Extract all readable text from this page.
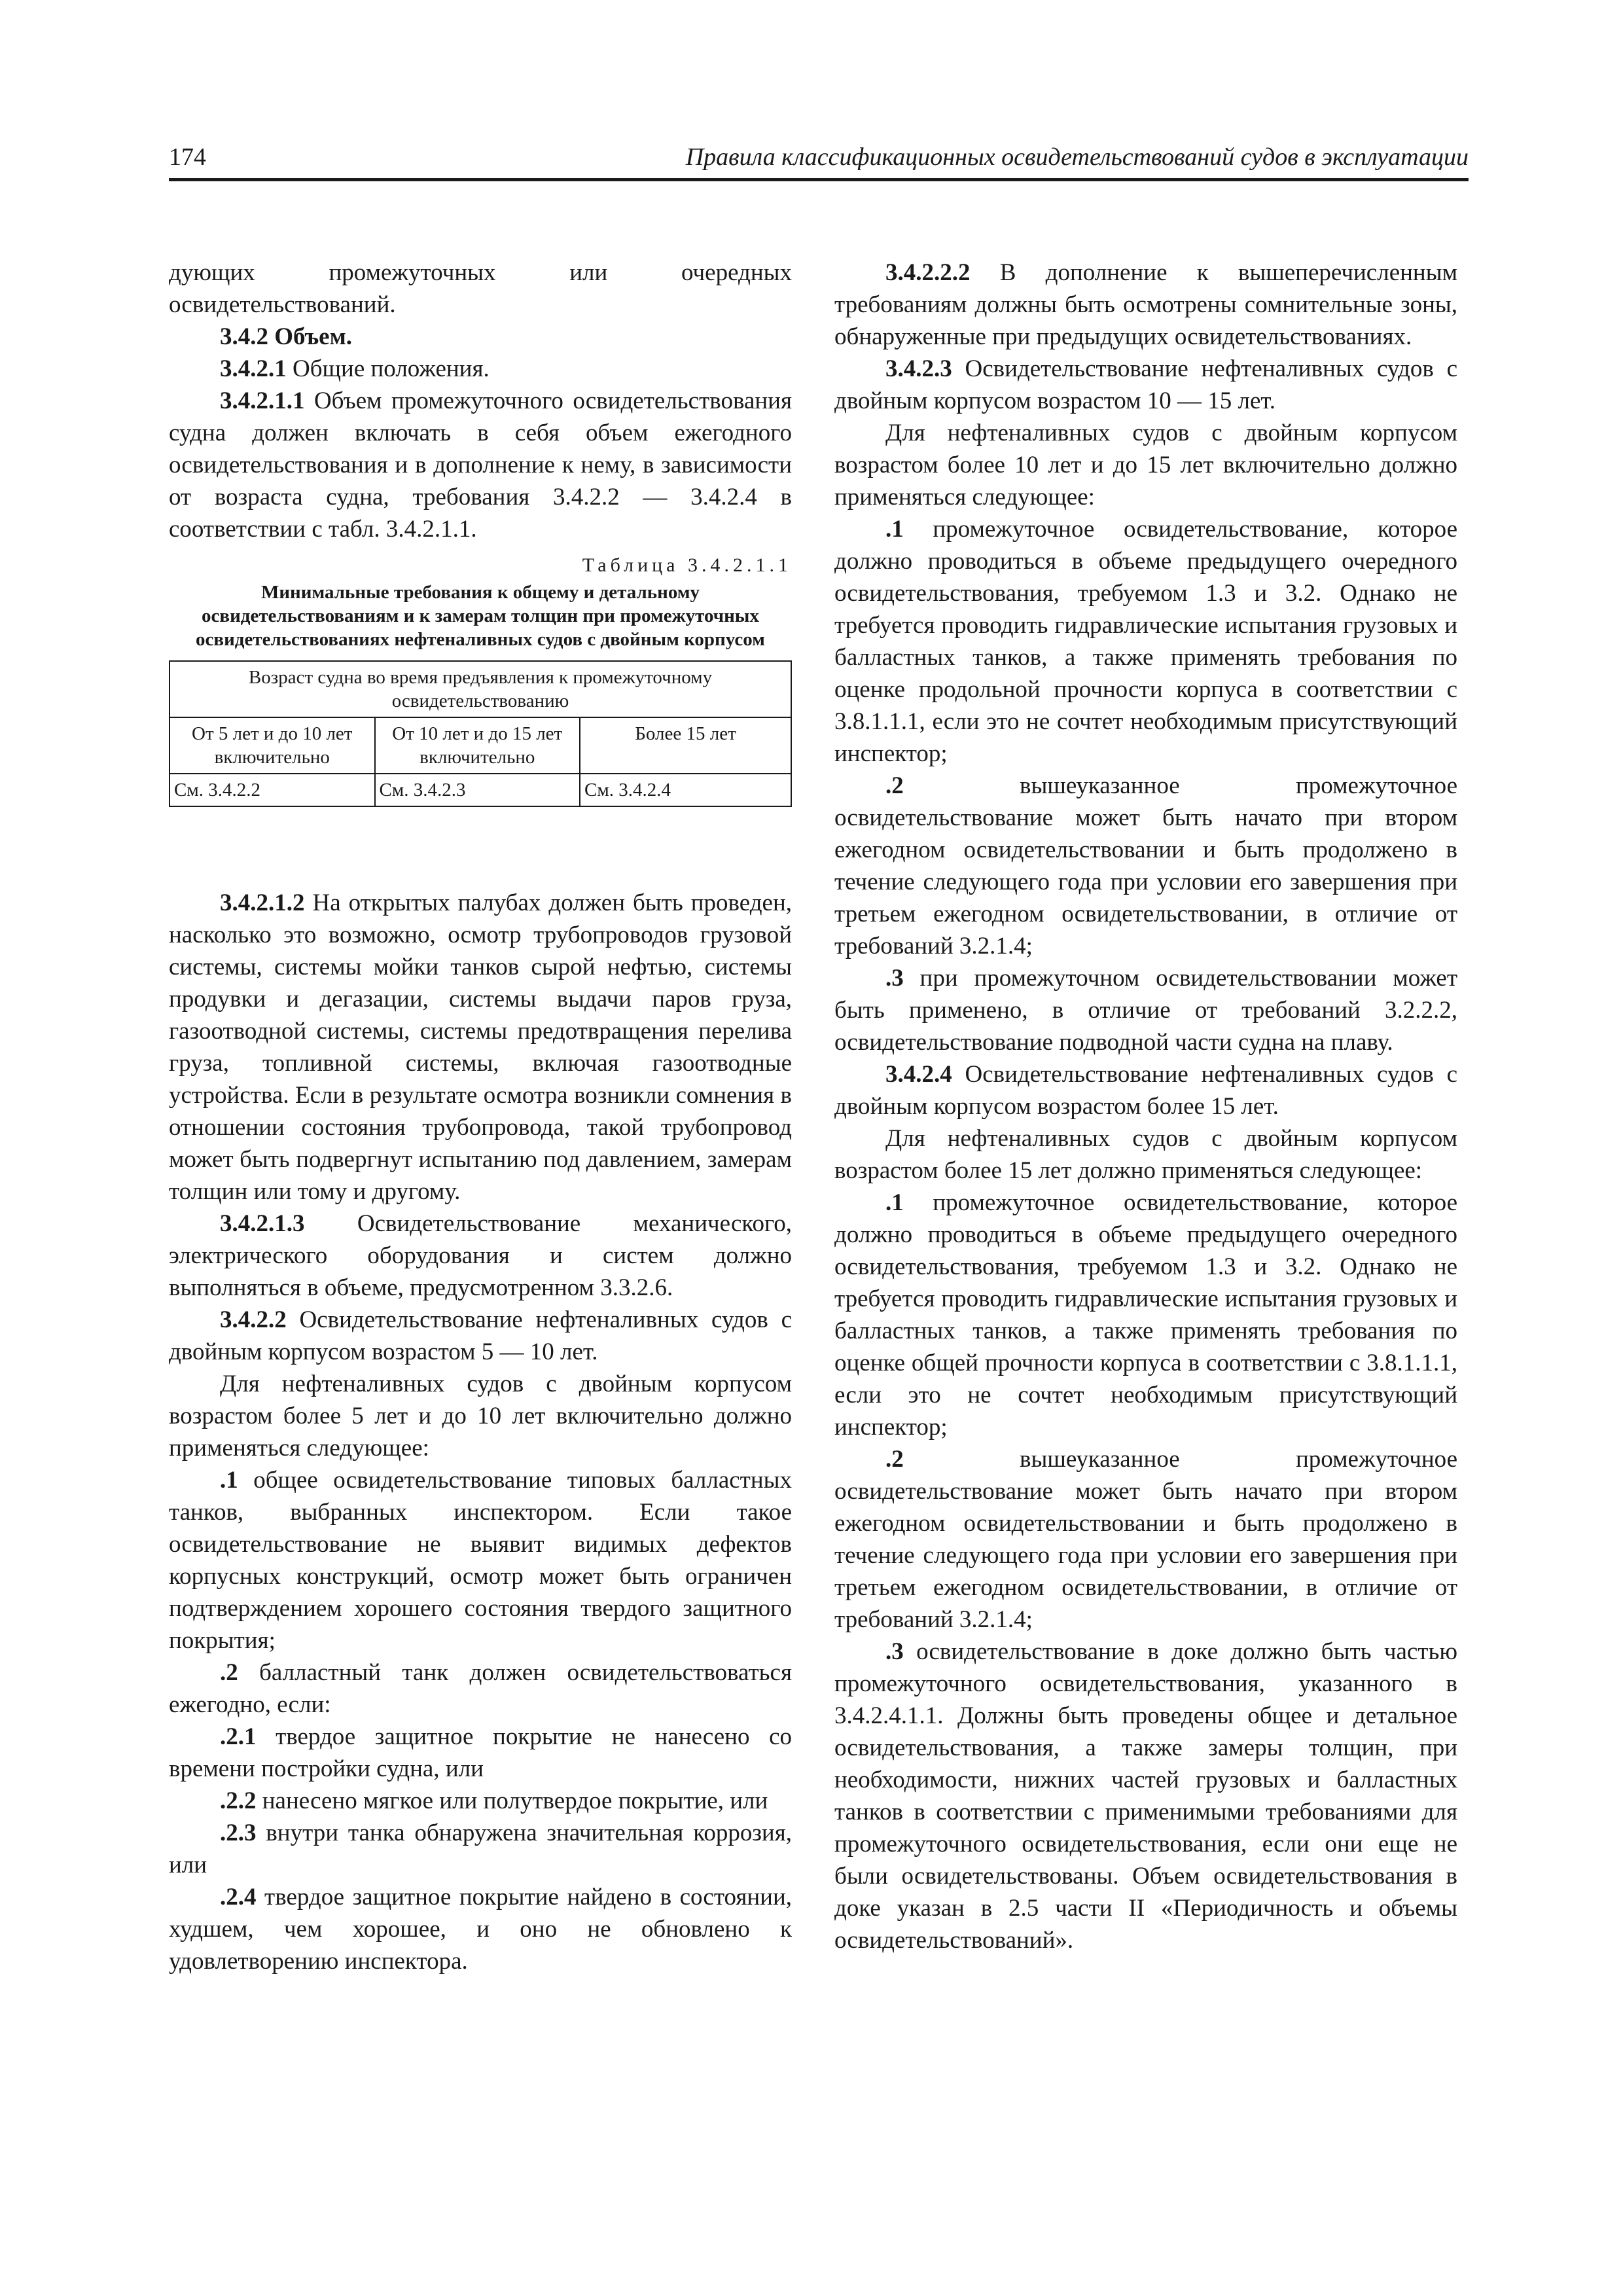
174	Правила классификационных освидетельствований судов в эксплуатации

дующих промежуточных или очередных освидетельствований.

3.4.2 Объем.

3.4.2.1 Общие положения.

3.4.2.1.1 Объем промежуточного освидетельствования судна должен включать в себя объем ежегодного освидетельствования и в дополнение к нему, в зависимости от возраста судна, требования 3.4.2.2 — 3.4.2.4 в соответствии с табл. 3.4.2.1.1.

Таблица 3.4.2.1.1
Минимальные требования к общему и детальному освидетельствованиям и к замерам толщин при промежуточных освидетельствованиях нефтеналивных судов с двойным корпусом
Возраст судна во время предъявления к промежуточному освидетельствованию		
От 5 лет и до 10 лет включительно	От 10 лет и до 15 лет включительно	Более 15 лет
См. 3.4.2.2	См. 3.4.2.3	См. 3.4.2.4

3.4.2.1.2 На открытых палубах должен быть проведен, насколько это возможно, осмотр трубопроводов грузовой системы, системы мойки танков сырой нефтью, системы продувки и дегазации, системы выдачи паров груза, газоотводной системы, системы предотвращения перелива груза, топливной системы, включая газоотводные устройства. Если в результате осмотра возникли сомнения в отношении состояния трубопровода, такой трубопровод может быть подвергнут испытанию под давлением, замерам толщин или тому и другому.

3.4.2.1.3 Освидетельствование механического, электрического оборудования и систем должно выполняться в объеме, предусмотренном 3.3.2.6.

3.4.2.2 Освидетельствование нефтеналивных судов с двойным корпусом возрастом 5 — 10 лет.

Для нефтеналивных судов с двойным корпусом возрастом более 5 лет и до 10 лет включительно должно применяться следующее:

.1 общее освидетельствование типовых балластных танков, выбранных инспектором. Если такое освидетельствование не выявит видимых дефектов корпусных конструкций, осмотр может быть ограничен подтверждением хорошего состояния твердого защитного покрытия;

.2 балластный танк должен освидетельствоваться ежегодно, если:

.2.1 твердое защитное покрытие не нанесено со времени постройки судна, или

.2.2 нанесено мягкое или полутвердое покрытие, или

.2.3 внутри танка обнаружена значительная коррозия, или

.2.4 твердое защитное покрытие найдено в состоянии, худшем, чем хорошее, и оно не обновлено к удовлетворению инспектора.

3.4.2.2.2 В дополнение к вышеперечисленным требованиям должны быть осмотрены сомнительные зоны, обнаруженные при предыдущих освидетельствованиях.

3.4.2.3 Освидетельствование нефтеналивных судов с двойным корпусом возрастом 10 — 15 лет.

Для нефтеналивных судов с двойным корпусом возрастом более 10 лет и до 15 лет включительно должно применяться следующее:

.1 промежуточное освидетельствование, которое должно проводиться в объеме предыдущего очередного освидетельствования, требуемом 1.3 и 3.2. Однако не требуется проводить гидравлические испытания грузовых и балластных танков, а также применять требования по оценке продольной прочности корпуса в соответствии с 3.8.1.1.1, если это не сочтет необходимым присутствующий инспектор;

.2 вышеуказанное промежуточное освидетельствование может быть начато при втором ежегодном освидетельствовании и быть продолжено в течение следующего года при условии его завершения при третьем ежегодном освидетельствовании, в отличие от требований 3.2.1.4;

.3 при промежуточном освидетельствовании может быть применено, в отличие от требований 3.2.2.2, освидетельствование подводной части судна на плаву.

3.4.2.4 Освидетельствование нефтеналивных судов с двойным корпусом возрастом более 15 лет.

Для нефтеналивных судов с двойным корпусом возрастом более 15 лет должно применяться следующее:

.1 промежуточное освидетельствование, которое должно проводиться в объеме предыдущего очередного освидетельствования, требуемом 1.3 и 3.2. Однако не требуется проводить гидравлические испытания грузовых и балластных танков, а также применять требования по оценке общей прочности корпуса в соответствии с 3.8.1.1.1, если это не сочтет необходимым присутствующий инспектор;

.2 вышеуказанное промежуточное освидетельствование может быть начато при втором ежегодном освидетельствовании и быть продолжено в течение следующего года при условии его завершения при третьем ежегодном освидетельствовании, в отличие от требований 3.2.1.4;

.3 освидетельствование в доке должно быть частью промежуточного освидетельствования, указанного в 3.4.2.4.1.1. Должны быть проведены общее и детальное освидетельствования, а также замеры толщин, при необходимости, нижних частей грузовых и балластных танков в соответствии с применимыми требованиями для промежуточного освидетельствования, если они еще не были освидетельствованы. Объем освидетельствования в доке указан в 2.5 части II «Периодичность и объемы освидетельствований».
